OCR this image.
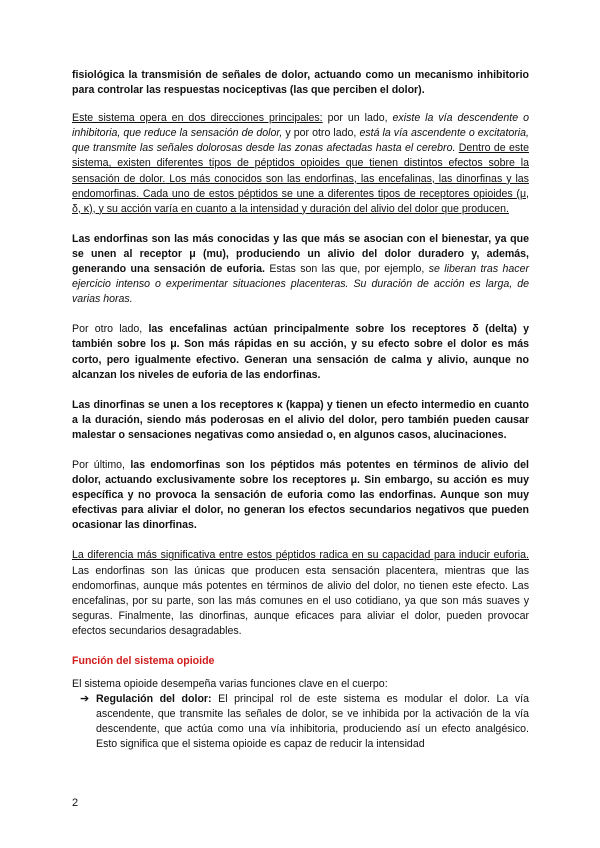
fisiológica la transmisión de señales de dolor, actuando como un mecanismo inhibitorio para controlar las respuestas nociceptivas (las que perciben el dolor).

Este sistema opera en dos direcciones principales: por un lado, existe la vía descendente o inhibitoria, que reduce la sensación de dolor, y por otro lado, está la vía ascendente o excitatoria, que transmite las señales dolorosas desde las zonas afectadas hasta el cerebro. Dentro de este sistema, existen diferentes tipos de péptidos opioides que tienen distintos efectos sobre la sensación de dolor. Los más conocidos son las endorfinas, las encefalinas, las dinorfinas y las endomorfinas. Cada uno de estos péptidos se une a diferentes tipos de receptores opioides (μ, δ, κ), y su acción varía en cuanto a la intensidad y duración del alivio del dolor que producen.

Las endorfinas son las más conocidas y las que más se asocian con el bienestar, ya que se unen al receptor μ (mu), produciendo un alivio del dolor duradero y, además, generando una sensación de euforia. Estas son las que, por ejemplo, se liberan tras hacer ejercicio intenso o experimentar situaciones placenteras. Su duración de acción es larga, de varias horas.

Por otro lado, las encefalinas actúan principalmente sobre los receptores δ (delta) y también sobre los μ. Son más rápidas en su acción, y su efecto sobre el dolor es más corto, pero igualmente efectivo. Generan una sensación de calma y alivio, aunque no alcanzan los niveles de euforia de las endorfinas.

Las dinorfinas se unen a los receptores κ (kappa) y tienen un efecto intermedio en cuanto a la duración, siendo más poderosas en el alivio del dolor, pero también pueden causar malestar o sensaciones negativas como ansiedad o, en algunos casos, alucinaciones.

Por último, las endomorfinas son los péptidos más potentes en términos de alivio del dolor, actuando exclusivamente sobre los receptores μ. Sin embargo, su acción es muy específica y no provoca la sensación de euforia como las endorfinas. Aunque son muy efectivas para aliviar el dolor, no generan los efectos secundarios negativos que pueden ocasionar las dinorfinas.

La diferencia más significativa entre estos péptidos radica en su capacidad para inducir euforia. Las endorfinas son las únicas que producen esta sensación placentera, mientras que las endomorfinas, aunque más potentes en términos de alivio del dolor, no tienen este efecto. Las encefalinas, por su parte, son las más comunes en el uso cotidiano, ya que son más suaves y seguras. Finalmente, las dinorfinas, aunque eficaces para aliviar el dolor, pueden provocar efectos secundarios desagradables.

Función del sistema opioide

El sistema opioide desempeña varias funciones clave en el cuerpo:

➔ Regulación del dolor: El principal rol de este sistema es modular el dolor. La vía ascendente, que transmite las señales de dolor, se ve inhibida por la activación de la vía descendente, que actúa como una vía inhibitoria, produciendo así un efecto analgésico. Esto significa que el sistema opioide es capaz de reducir la intensidad

2
